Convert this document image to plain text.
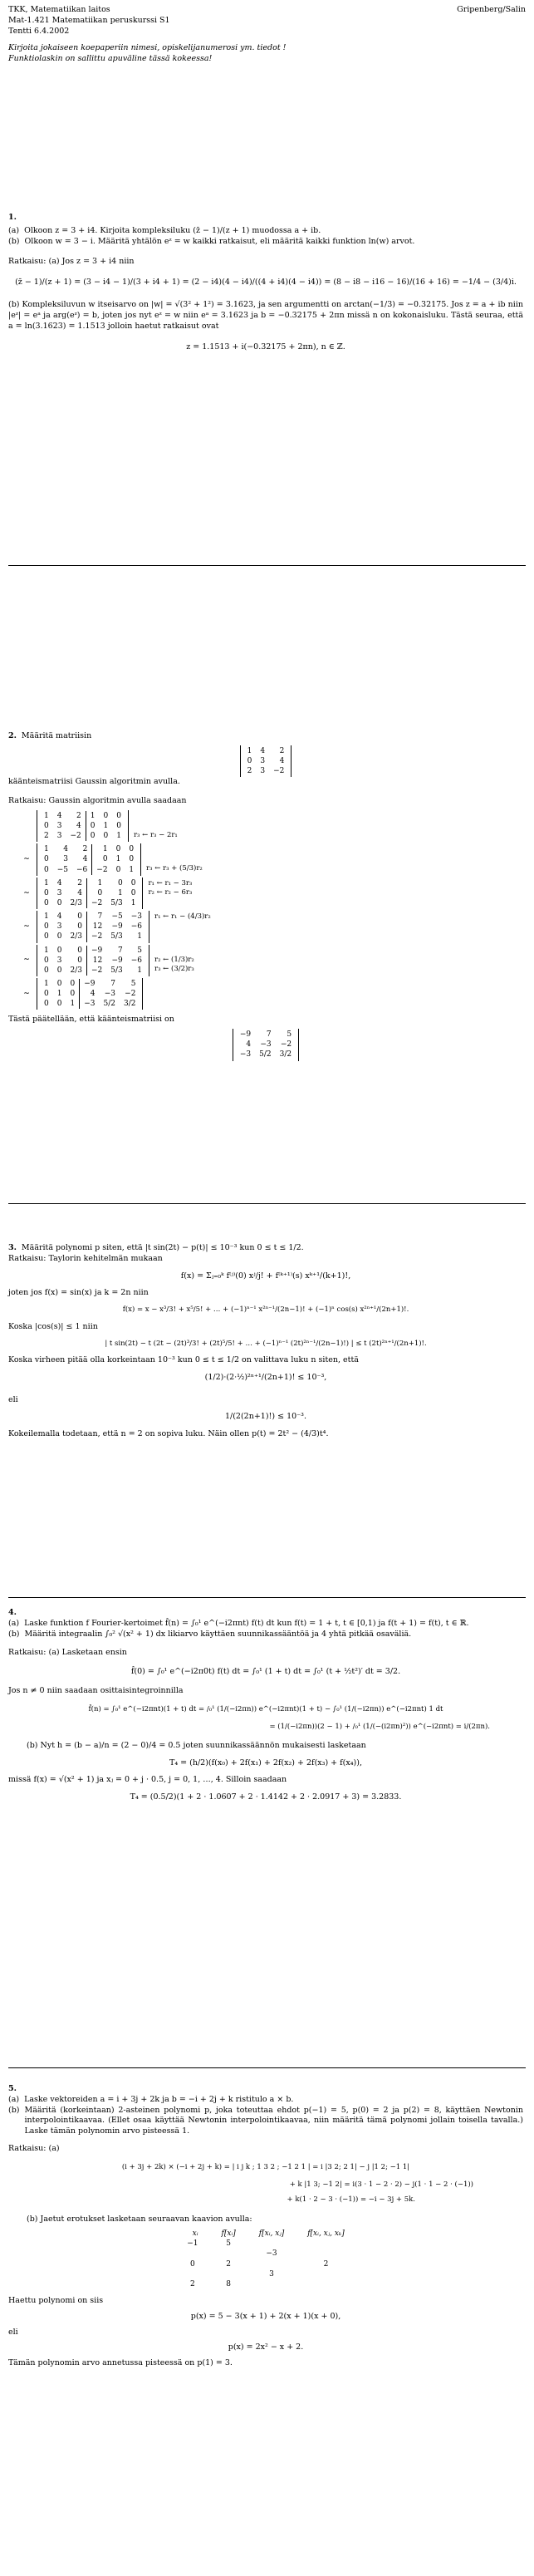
TKK, Matematiikan laitos
Mat-1.421 Matematiikan peruskurssi S1
Tentti 6.4.2002
Gripenberg/Salin
Kirjoita jokaiseen koepaperiin nimesi, opiskelijanumerosi ym. tiedot !
Funktiolaskin on sallittu apuväline tässä kokeessa!
1.
(a) Olkoon z = 3 + i4. Kirjoita kompleksiluku (z̄ − 1)/(z + 1) muodossa a + ib.
(b) Olkoon w = 3 − i. Määritä yhtälön eᶻ = w kaikki ratkaisut, eli määritä kaikki funktion ln(w) arvot.
Ratkaisu: (a) Jos z = 3 + i4 niin
(z̄ − 1)/(z + 1) = (3 − i4 − 1)/(3 + i4 + 1) = (2 − i4)(4 − i4)/((4 + i4)(4 − i4)) = (8 − i8 − i16 − 16)/(16 + 16) = −1/4 − (3/4)i.
(b) Kompleksiluvun w itseisarvo on |w| = √(3² + 1²) = 3.1623, ja sen argumentti on arctan(−1/3) = −0.32175. Jos z = a + ib niin |eᶻ| = eᵃ ja arg(eᶻ) = b, joten jos nyt eᶻ = w niin eᵃ = 3.1623 ja b = −0.32175 + 2πn missä n on kokonaisluku. Tästä seuraa, että a = ln(3.1623) = 1.1513 jolloin haetut ratkaisut ovat
z = 1.1513 + i(−0.32175 + 2πn), n ∈ ℤ.
2. Määritä matriisin
1	4	2
0	3	4
2	3	−2
käänteismatriisi Gaussin algoritmin avulla.
Ratkaisu: Gaussin algoritmin avulla saadaan
1	4	2	1	0	0
0	3	4	0	1	0
2	3	−2	0	0	1

r₃ ← r₃ − 2r₁
∼
1	4	2	1	0	0
0	3	4	0	1	0
0	−5	−6	−2	0	1

r₃ ← r₃ + (5/3)r₂
∼
1	4	2	1	0	0
0	3	4	0	1	0
0	0	2/3	−2	5/3	1
r₁ ← r₁ − 3r₃
r₂ ← r₂ − 6r₃

∼
1	4	0	7	−5	−3
0	3	0	12	−9	−6
0	0	2/3	−2	5/3	1
r₁ ← r₁ − (4/3)r₂

∼
1	0	0	−9	7	5
0	3	0	12	−9	−6
0	0	2/3	−2	5/3	1

r₂ ← (1/3)r₂
r₃ ← (3/2)r₃
∼
1	0	0	−9	7	5
0	1	0	4	−3	−2
0	0	1	−3	5/2	3/2

Tästä päätellään, että käänteismatriisi on
−9	7	5
4	−3	−2
−3	5/2	3/2
3. Määritä polynomi p siten, että |t sin(2t) − p(t)| ≤ 10⁻³ kun 0 ≤ t ≤ 1/2.
Ratkaisu: Taylorin kehitelmän mukaan
f(x) = Σⱼ₌₀ᵏ f⁽ʲ⁾(0) xʲ/j! + f⁽ᵏ⁺¹⁾(s) xᵏ⁺¹/(k+1)!,
joten jos f(x) = sin(x) ja k = 2n niin
f(x) = x − x³/3! + x⁵/5! + … + (−1)ⁿ⁻¹ x²ⁿ⁻¹/(2n−1)! + (−1)ⁿ cos(s) x²ⁿ⁺¹/(2n+1)!.
Koska |cos(s)| ≤ 1 niin
| t sin(2t) − t (2t − (2t)³/3! + (2t)⁵/5! + … + (−1)ⁿ⁻¹ (2t)²ⁿ⁻¹/(2n−1)!) | ≤ t (2t)²ⁿ⁺¹/(2n+1)!.
Koska virheen pitää olla korkeintaan 10⁻³ kun 0 ≤ t ≤ 1/2 on valittava luku n siten, että
(1/2)·(2·½)²ⁿ⁺¹/(2n+1)! ≤ 10⁻³,
eli
1/(2(2n+1)!) ≤ 10⁻³.
Kokeilemalla todetaan, että n = 2 on sopiva luku. Näin ollen p(t) = 2t² − (4/3)t⁴.
4.
(a) Laske funktion f Fourier-kertoimet f̂(n) = ∫₀¹ e^(−i2πnt) f(t) dt kun f(t) = 1 + t, t ∈ [0,1) ja f(t + 1) = f(t), t ∈ ℝ.
(b) Määritä integraalin ∫₀² √(x² + 1) dx likiarvo käyttäen suunnikassääntöä ja 4 yhtä pitkää osaväliä.
Ratkaisu: (a) Lasketaan ensin
f̂(0) = ∫₀¹ e^(−i2π0t) f(t) dt = ∫₀¹ (1 + t) dt = ∫₀¹ (t + ½t²)′ dt = 3/2.
Jos n ≠ 0 niin saadaan osittaisintegroinnilla
f̂(n) = ∫₀¹ e^(−i2πnt)(1 + t) dt = /₀¹ (1/(−i2πn)) e^(−i2πnt)(1 + t) − ∫₀¹ (1/(−i2πn)) e^(−i2πnt) 1 dt
= (1/(−i2πn))(2 − 1) + /₀¹ (1/(−(i2πn)²)) e^(−i2πnt) = i/(2πn).
(b) Nyt h = (b − a)/n = (2 − 0)/4 = 0.5 joten suunnikassäännön mukaisesti lasketaan
T₄ = (h/2)(f(x₀) + 2f(x₁) + 2f(x₂) + 2f(x₃) + f(x₄)),
missä f(x) = √(x² + 1) ja xⱼ = 0 + j · 0.5, j = 0, 1, …, 4. Silloin saadaan
T₄ = (0.5/2)(1 + 2 · 1.0607 + 2 · 1.4142 + 2 · 2.0917 + 3) = 3.2833.
5.
(a) Laske vektoreiden a = i + 3j + 2k ja b = −i + 2j + k ristitulo a × b.
(b) Määritä (korkeintaan) 2-asteinen polynomi p, joka toteuttaa ehdot p(−1) = 5, p(0) = 2 ja p(2) = 8, käyttäen Newtonin interpolointikaavaa. (Ellet osaa käyttää Newtonin interpolointikaavaa, niin määritä tämä polynomi jollain toisella tavalla.) Laske tämän polynomin arvo pisteessä 1.
Ratkaisu: (a)
(i + 3j + 2k) × (−i + 2j + k) = | i j k ; 1 3 2 ; −1 2 1 | = i |3 2; 2 1| − j |1 2; −1 1|
+ k |1 3; −1 2| = i(3 · 1 − 2 · 2) − j(1 · 1 − 2 · (−1))
+ k(1 · 2 − 3 · (−1)) = −i − 3j + 5k.
(b) Jaetut erotukset lasketaan seuraavan kaavion avulla:
xᵢ	f[xᵢ]	f[xᵢ, xⱼ]	f[xᵢ, xⱼ, xₖ]
−1	5		
		−3	
0	2		2
		3	
2	8		
Haettu polynomi on siis
p(x) = 5 − 3(x + 1) + 2(x + 1)(x + 0),
eli
p(x) = 2x² − x + 2.
Tämän polynomin arvo annetussa pisteessä on p(1) = 3.
